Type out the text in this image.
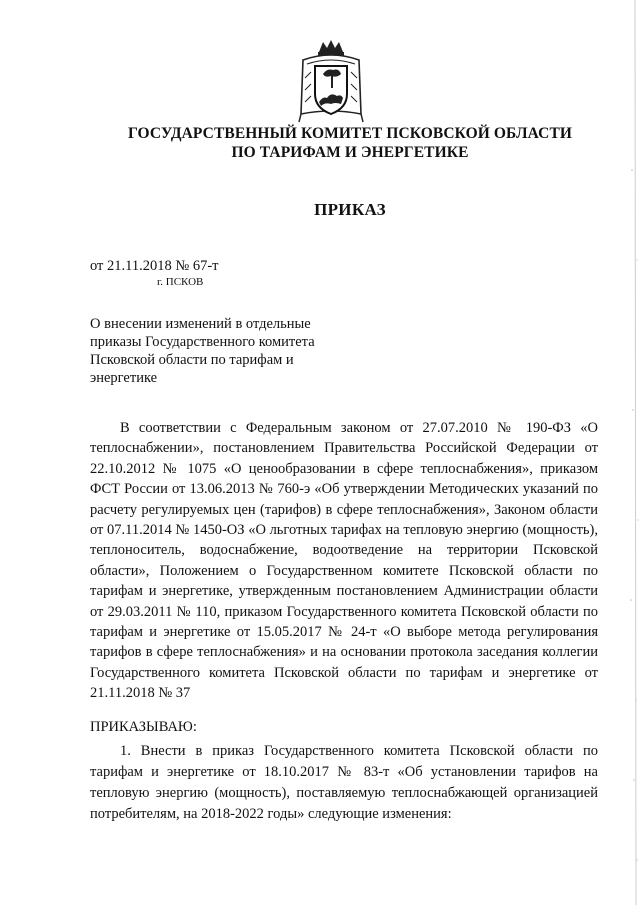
ГОСУДАРСТВЕННЫЙ КОМИТЕТ ПСКОВСКОЙ ОБЛАСТИ
ПО ТАРИФАМ И ЭНЕРГЕТИКЕ
ПРИКАЗ
от 21.11.2018 № 67-т
г. ПСКОВ
О внесении изменений в отдельные приказы Государственного комитета Псковской области по тарифам и энергетике

В соответствии с Федеральным законом от 27.07.2010 № 190-ФЗ «О теплоснабжении», постановлением Правительства Российской Федерации от 22.10.2012 № 1075 «О ценообразовании в сфере теплоснабжения», приказом ФСТ России от 13.06.2013 № 760-э «Об утверждении Методических указаний по расчету регулируемых цен (тарифов) в сфере теплоснабжения», Законом области от 07.11.2014 № 1450-ОЗ «О льготных тарифах на тепловую энергию (мощность), теплоноситель, водоснабжение, водоотведение на территории Псковской области», Положением о Государственном комитете Псковской области по тарифам и энергетике, утвержденным постановлением Администрации области от 29.03.2011 № 110, приказом Государственного комитета Псковской области по тарифам и энергетике от 15.05.2017 № 24-т «О выборе метода регулирования тарифов в сфере теплоснабжения» и на основании протокола заседания коллегии Государственного комитета Псковской области по тарифам и энергетике от 21.11.2018 № 37

ПРИКАЗЫВАЮ:
1. Внести в приказ Государственного комитета Псковской области по тарифам и энергетике от 18.10.2017 № 83-т «Об установлении тарифов на тепловую энергию (мощность), поставляемую теплоснабжающей организацией потребителям, на 2018-2022 годы» следующие изменения:
